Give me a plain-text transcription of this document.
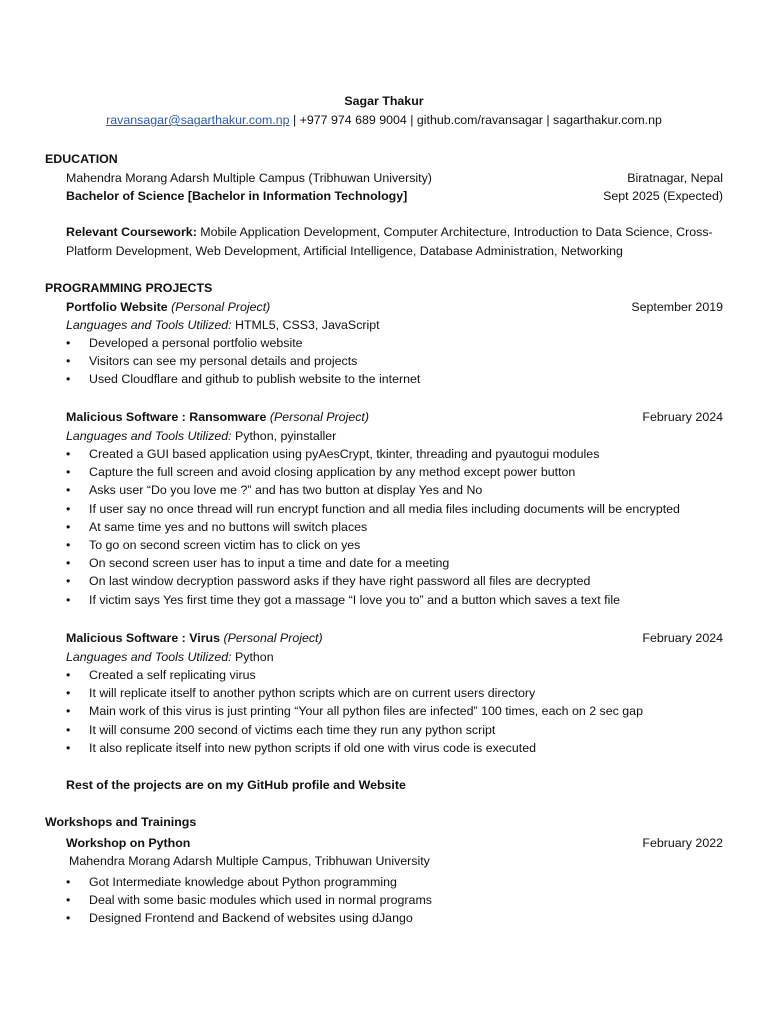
Sagar Thakur
ravansagar@sagarthakur.com.np | +977 974 689 9004 | github.com/ravansagar | sagarthakur.com.np
EDUCATION
Mahendra Morang Adarsh Multiple Campus (Tribhuwan University)	Biratnagar, Nepal
Bachelor of Science [Bachelor in Information Technology]	Sept 2025 (Expected)
Relevant Coursework: Mobile Application Development, Computer Architecture, Introduction to Data Science, Cross-Platform Development, Web Development, Artificial Intelligence, Database Administration, Networking
PROGRAMMING PROJECTS
Portfolio Website (Personal Project)	September 2019
Languages and Tools Utilized: HTML5, CSS3, JavaScript
• Developed a personal portfolio website
• Visitors can see my personal details and projects
• Used Cloudflare and github to publish website to the internet
Malicious Software : Ransomware (Personal Project)	February 2024
Languages and Tools Utilized: Python, pyinstaller
• Created a GUI based application using pyAesCrypt, tkinter, threading and pyautogui modules
• Capture the full screen and avoid closing application by any method except power button
• Asks user “Do you love me ?” and has two button at display Yes and No
• If user say no once thread will run encrypt function and all media files including documents will be encrypted
• At same time yes and no buttons will switch places
• To go on second screen victim has to click on yes
• On second screen user has to input a time and date for a meeting
• On last window decryption password asks if they have right password all files are decrypted
• If victim says Yes first time they got a massage “I love you to” and a button which saves a text file
Malicious Software : Virus (Personal Project)	February 2024
Languages and Tools Utilized: Python
• Created a self replicating virus
• It will replicate itself to another python scripts which are on current users directory
• Main work of this virus is just printing “Your all python files are infected” 100 times, each on 2 sec gap
• It will consume 200 second of victims each time they run any python script
• It also replicate itself into new python scripts if old one with virus code is executed
Rest of the projects are on my GitHub profile and Website
Workshops and Trainings
Workshop on Python	February 2022
Mahendra Morang Adarsh Multiple Campus, Tribhuwan University
• Got Intermediate knowledge about Python programming
• Deal with some basic modules which used in normal programs
• Designed Frontend and Backend of websites using dJango
